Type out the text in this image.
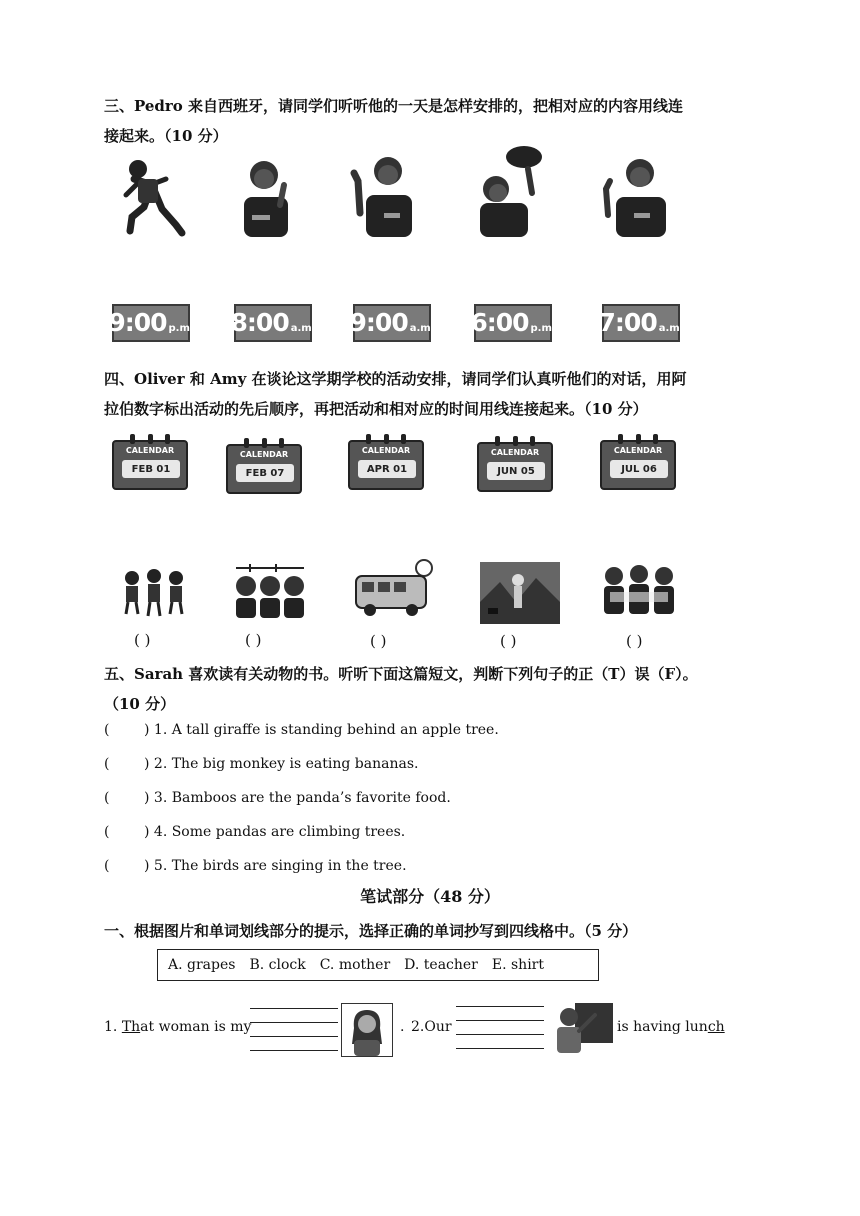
三、Pedro 来自西班牙，请同学们听听他的一天是怎样安排的，把相对应的内容用线连
接起来。（10 分）
9:00 p.m. 8:00 a.m. 9:00 a.m. 6:00 p.m. 7:00 a.m.
四、Oliver 和 Amy 在谈论这学期学校的活动安排，请同学们认真听他们的对话，用阿
拉伯数字标出活动的先后顺序，再把活动和相对应的时间用线连接起来。（10 分）
CALENDAR
FEB 01
CALENDAR
FEB 07
CALENDAR
APR 01
CALENDAR
JUN 05
CALENDAR
JUL 06
( )	( )	( )	( )	( )
五、Sarah 喜欢读有关动物的书。听听下面这篇短文，判断下列句子的正（T）误（F）。
（10 分）
( ) 1. A tall giraffe is standing behind an apple tree.
( ) 2. The big monkey is eating bananas.
( ) 3. Bamboos are the panda’s favorite food.
( ) 4. Some pandas are climbing trees.
( ) 5. The birds are singing in the tree.
笔试部分（48 分）
一、根据图片和单词划线部分的提示，选择正确的单词抄写到四线格中。（5 分）
A. grapes B. clock C. mother D. teacher E. shirt
1. That woman is my	. 2.Our	is having lunch
